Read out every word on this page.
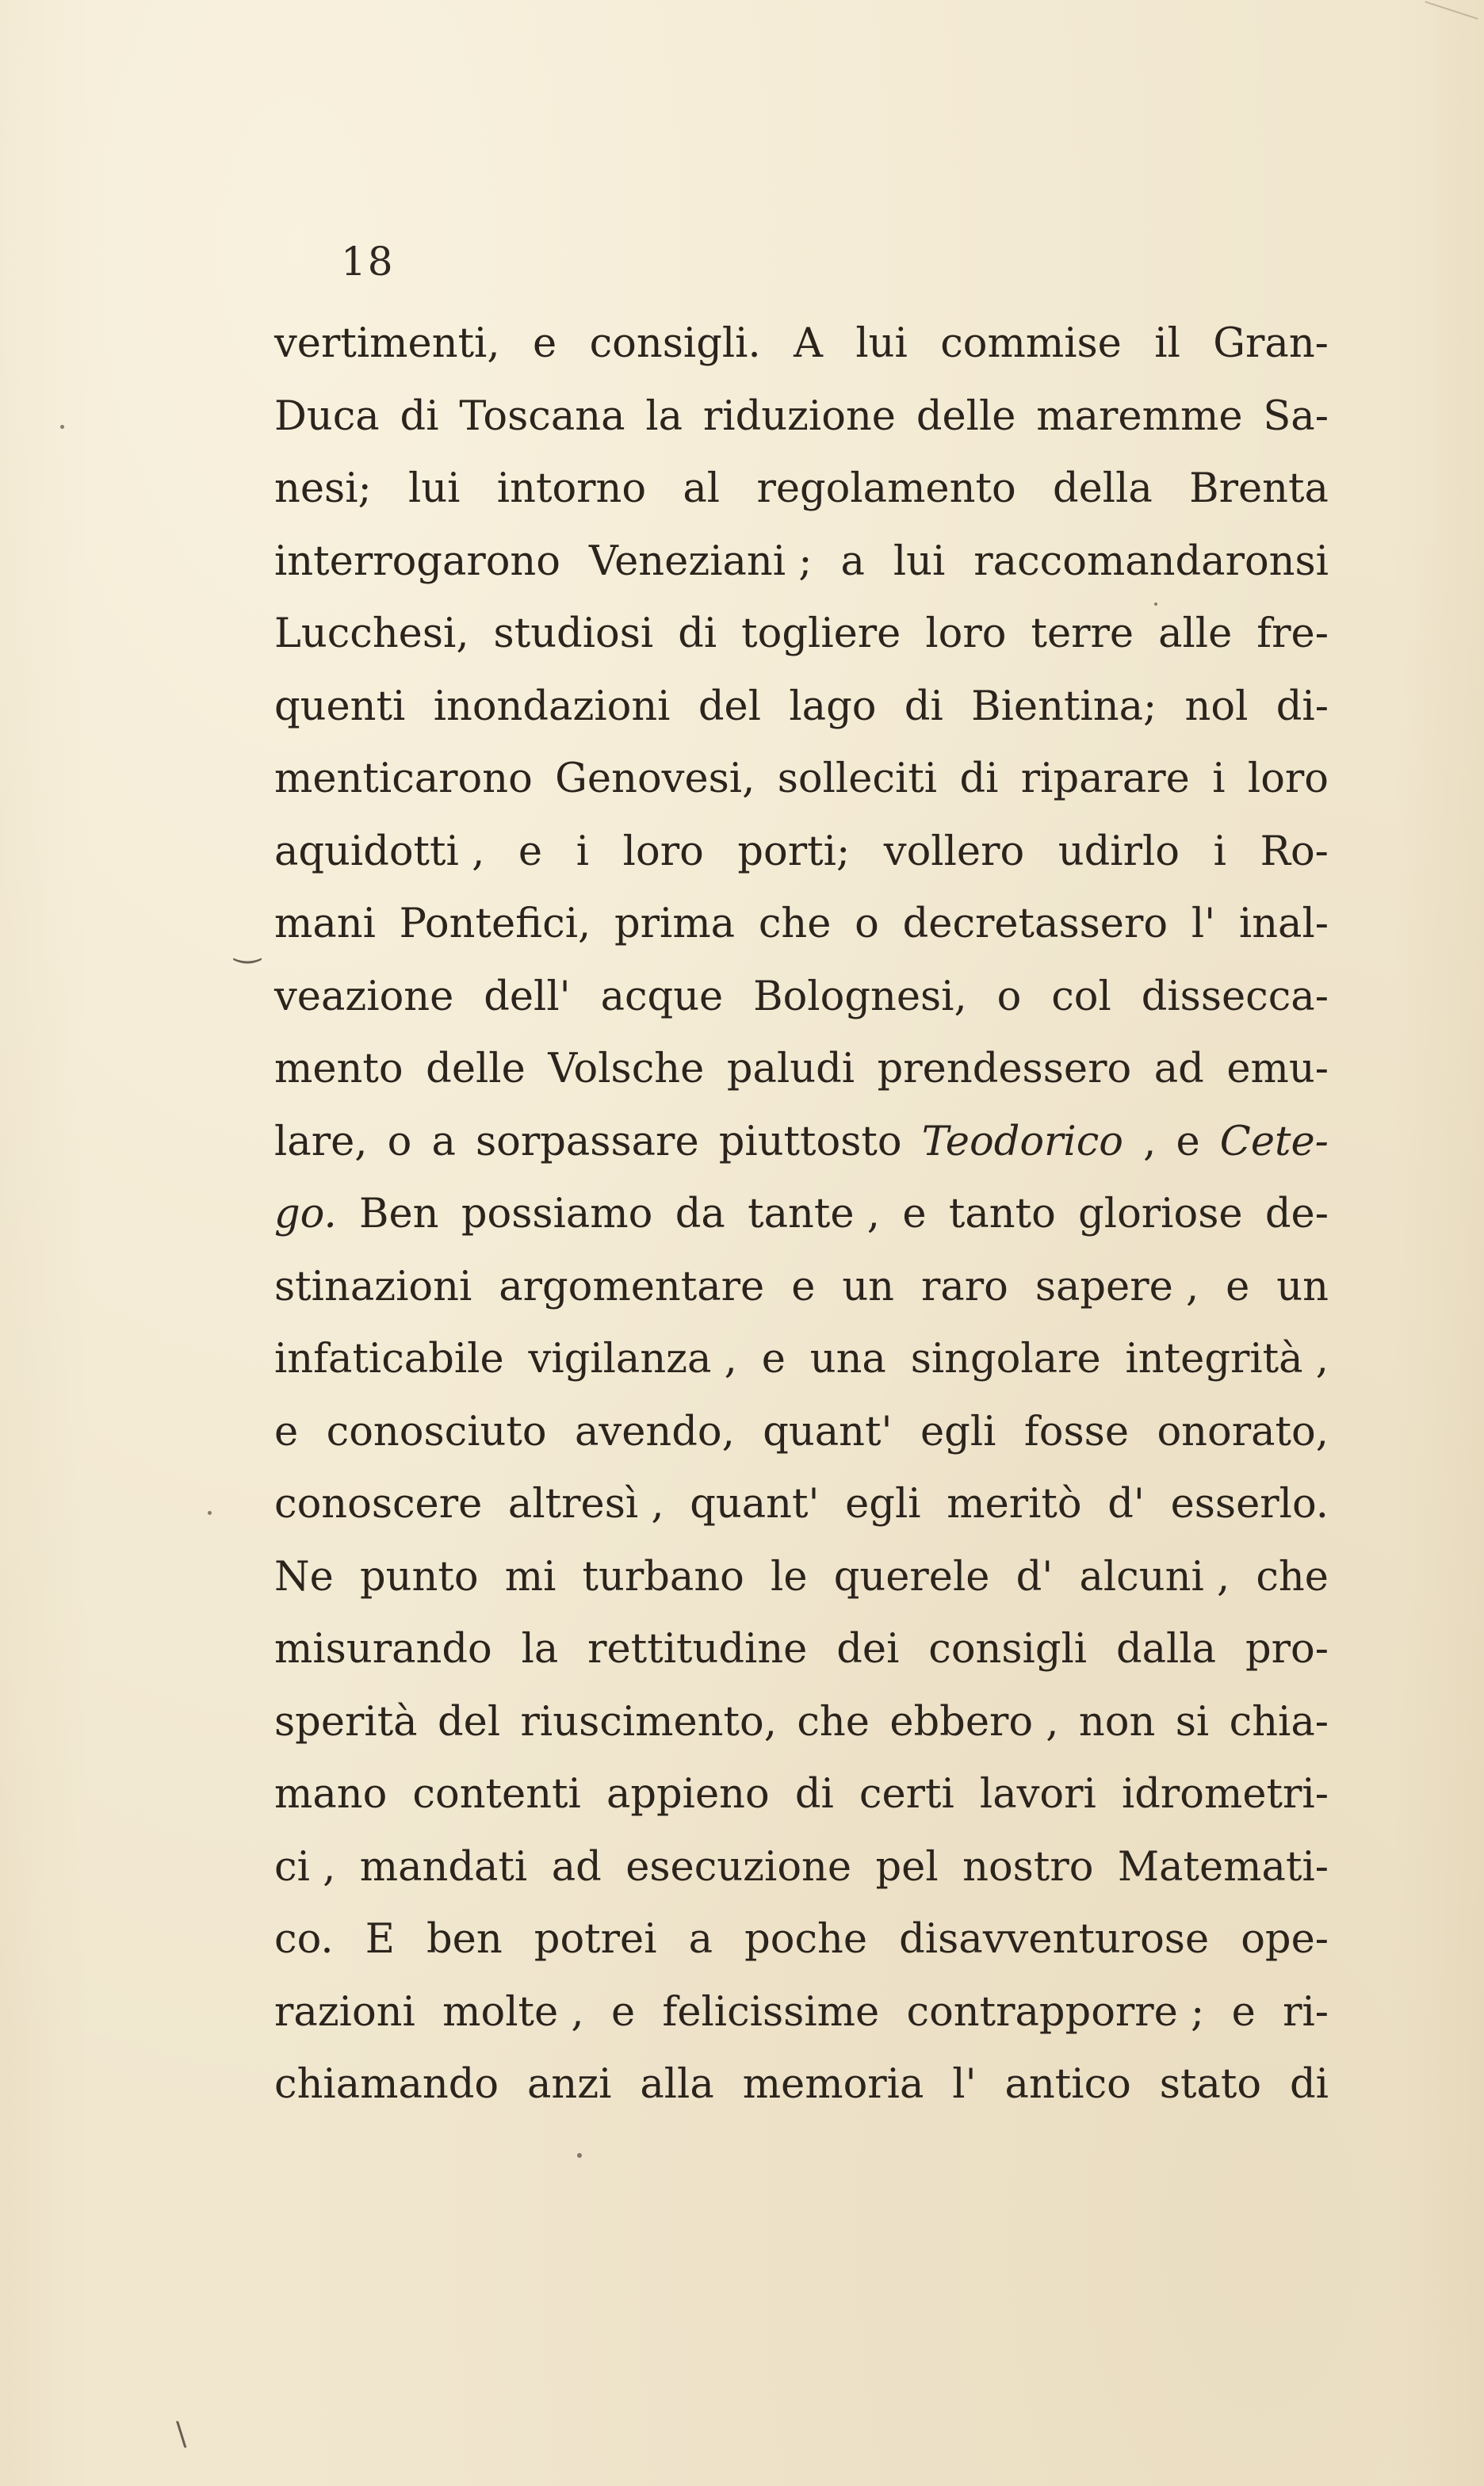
18
vertimenti, e consigli. A lui commise il Gran-
Duca di Toscana la riduzione delle maremme Sa-
nesi; lui intorno al regolamento della Brenta
interrogarono Veneziani ; a lui raccomandaronsi
Lucchesi, studiosi di togliere loro terre alle fre-
quenti inondazioni del lago di Bientina; nol di-
menticarono Genovesi, solleciti di riparare i loro
aquidotti , e i loro porti; vollero udirlo i Ro-
mani Pontefici, prima che o decretassero l' inal-
veazione dell' acque Bolognesi, o col dissecca-
mento delle Volsche paludi prendessero ad emu-
lare, o a sorpassare piuttosto Teodorico , e Cete-
go. Ben possiamo da tante , e tanto gloriose de-
stinazioni argomentare e un raro sapere , e un
infaticabile vigilanza , e una singolare integrità ,
e conosciuto avendo, quant' egli fosse onorato,
conoscere altresì , quant' egli meritò d' esserlo.
Ne punto mi turbano le querele d' alcuni , che
misurando la rettitudine dei consigli dalla pro-
sperità del riuscimento, che ebbero , non si chia-
mano contenti appieno di certi lavori idrometri-
ci , mandati ad esecuzione pel nostro Matemati-
co. E ben potrei a poche disavventurose ope-
razioni molte , e felicissime contrapporre ; e ri-
chiamando anzi alla memoria l' antico stato di
‿
\
